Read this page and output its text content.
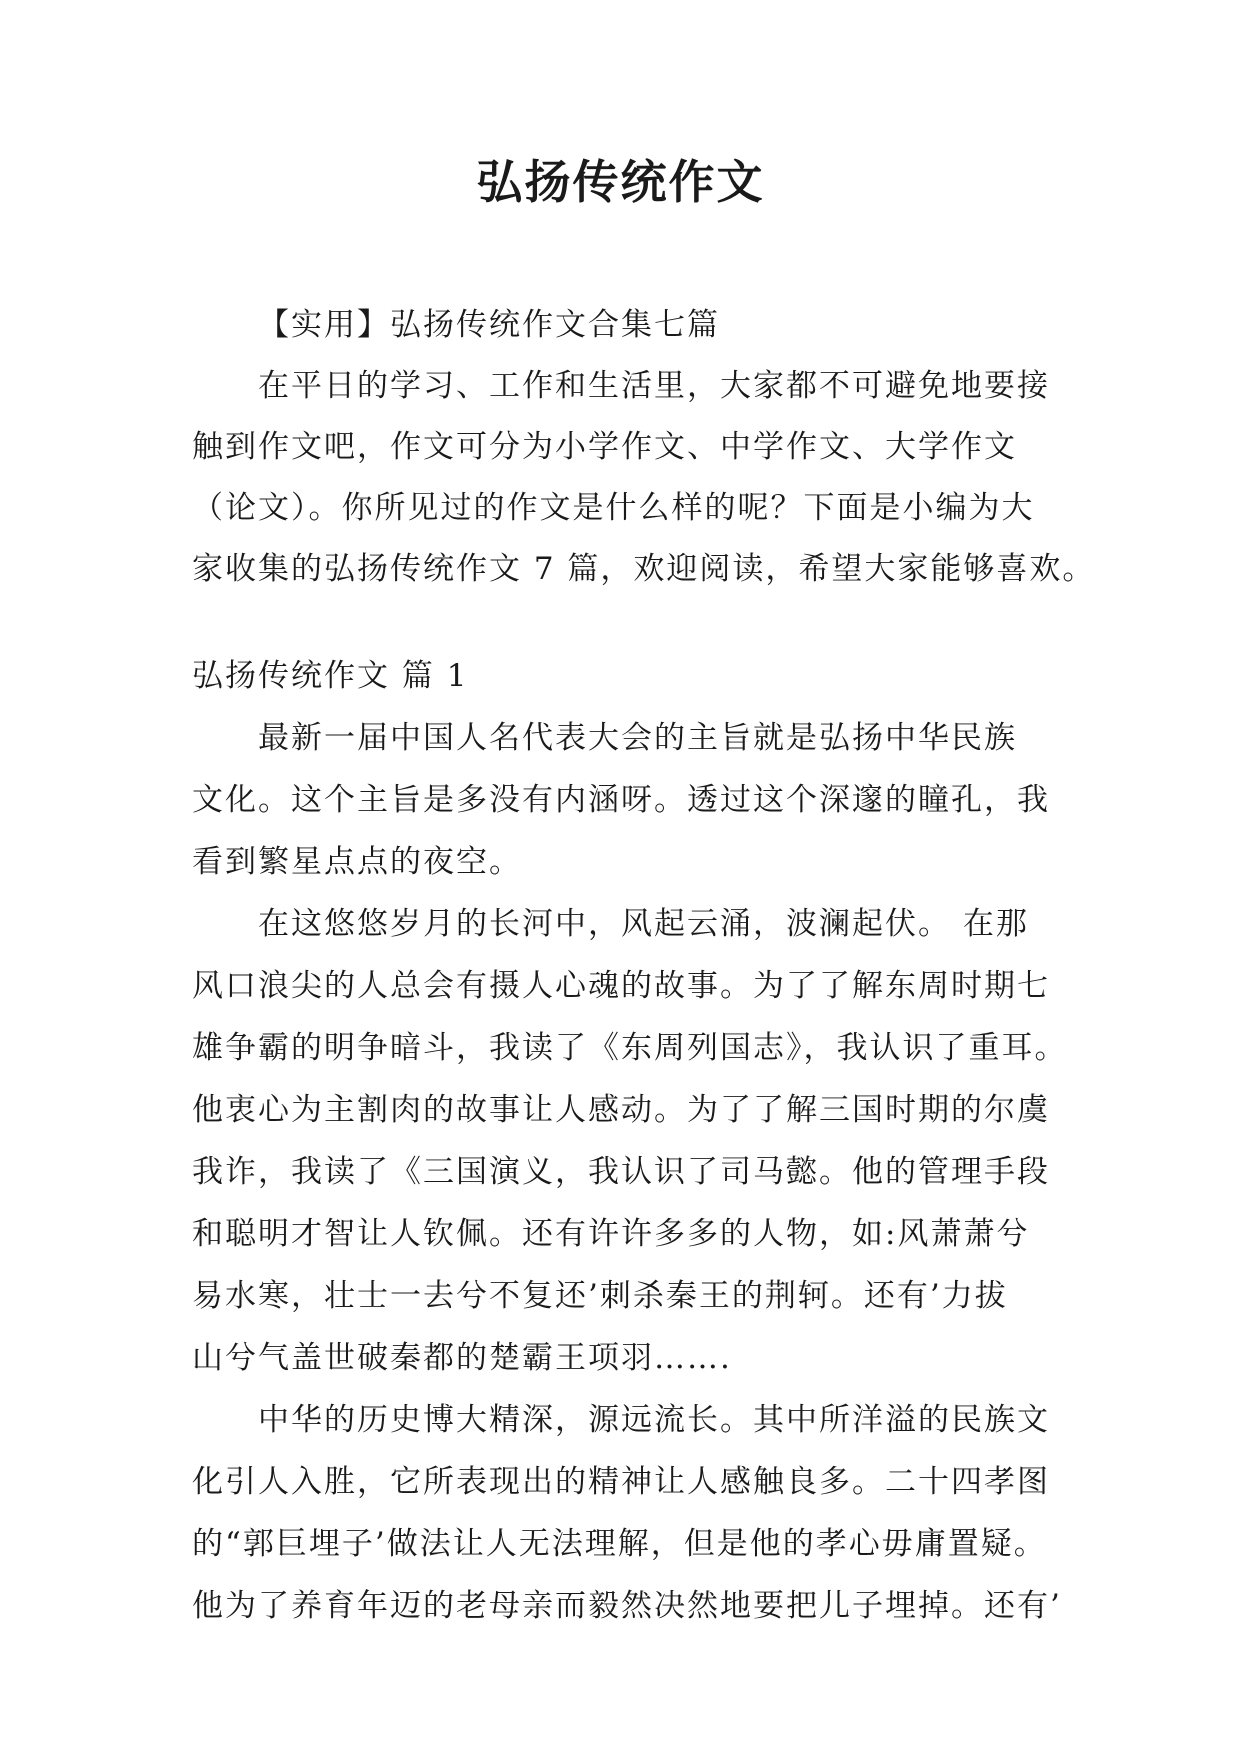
弘扬传统作文
【实用】弘扬传统作文合集七篇
在平日的学习、工作和生活里，大家都不可避免地要接
触到作文吧，作文可分为小学作文、中学作文、大学作文
（论文）。你所见过的作文是什么样的呢？下面是小编为大
家收集的弘扬传统作文 7 篇，欢迎阅读，希望大家能够喜欢。
弘扬传统作文 篇 1
最新一届中国人名代表大会的主旨就是弘扬中华民族
文化。这个主旨是多没有内涵呀。透过这个深邃的瞳孔，我
看到繁星点点的夜空。
在这悠悠岁月的长河中，风起云涌，波澜起伏。 在那
风口浪尖的人总会有摄人心魂的故事。为了了解东周时期七
雄争霸的明争暗斗，我读了《东周列国志》，我认识了重耳。
他衷心为主割肉的故事让人感动。为了了解三国时期的尔虞
我诈，我读了《三国演义，我认识了司马懿。他的管理手段
和聪明才智让人钦佩。还有许许多多的人物，如:风萧萧兮
易水寒，壮士一去兮不复还’刺杀秦王的荆轲。还有’力拔
山兮气盖世破秦都的楚霸王项羽…….
中华的历史博大精深，源远流长。其中所洋溢的民族文
化引人入胜，它所表现出的精神让人感触良多。二十四孝图
的“郭巨埋子’做法让人无法理解，但是他的孝心毋庸置疑。
他为了养育年迈的老母亲而毅然决然地要把儿子埋掉。还有’
